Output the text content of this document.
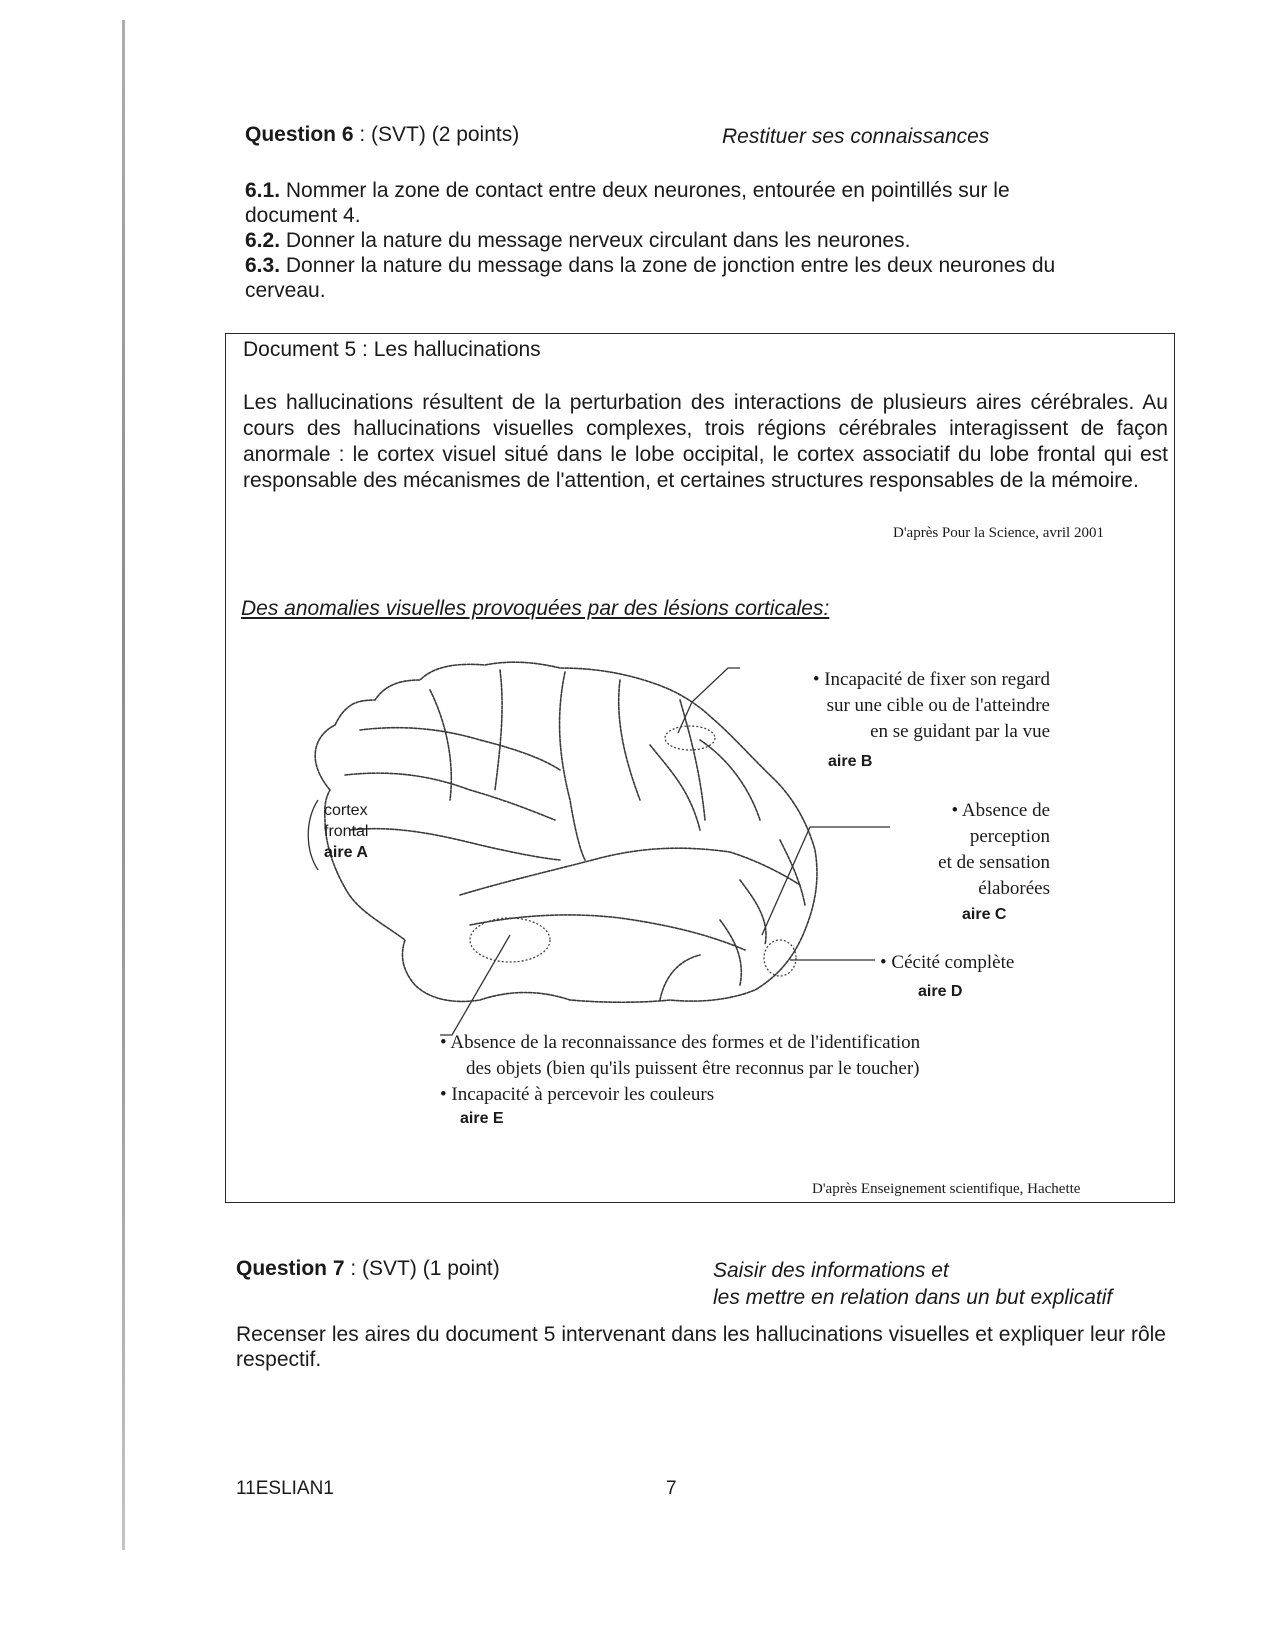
Question 6 : (SVT) (2 points)	Restituer ses connaissances
6.1. Nommer la zone de contact entre deux neurones, entourée en pointillés sur le
document 4.
6.2. Donner la nature du message nerveux circulant dans les neurones.
6.3. Donner la nature du message dans la zone de jonction entre les deux neurones du
cerveau.
Document 5 : Les hallucinations
Les hallucinations résultent de la perturbation des interactions de plusieurs aires cérébrales. Au cours des hallucinations visuelles complexes, trois régions cérébrales interagissent de façon anormale : le cortex visuel situé dans le lobe occipital, le cortex associatif du lobe frontal qui est responsable des mécanismes de l'attention, et certaines structures responsables de la mémoire.
D'après Pour la Science, avril 2001
Des anomalies visuelles provoquées par des lésions corticales:
cortex
frontal
aire A
• Incapacité de fixer son regard
sur une cible ou de l'atteindre
en se guidant par la vue
aire B
• Absence de
perception
et de sensation
élaborées
aire C
• Cécité complète
aire D
• Absence de la reconnaissance des formes et de l'identification
des objets (bien qu'ils puissent être reconnus par le toucher)
• Incapacité à percevoir les couleurs
aire E
D'après Enseignement scientifique, Hachette
Question 7 : (SVT) (1 point)	Saisir des informations et
les mettre en relation dans un but explicatif
Recenser les aires du document 5 intervenant dans les hallucinations visuelles et expliquer leur rôle respectif.
11ESLIAN1	7
